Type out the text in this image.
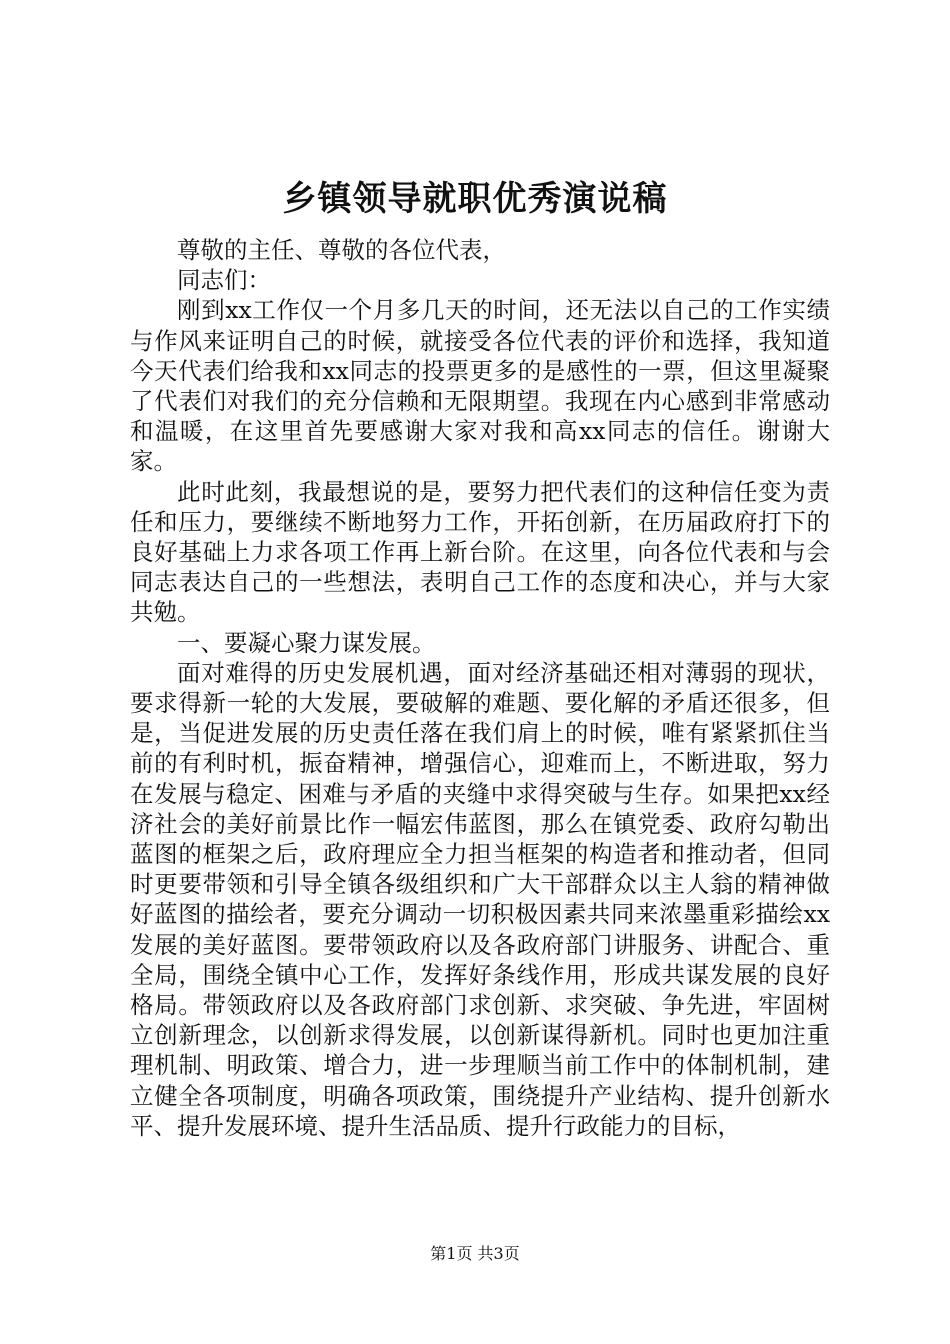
乡镇领导就职优秀演说稿

尊敬的主任、尊敬的各位代表，

同志们：

刚到xx工作仅一个月多几天的时间，还无法以自己的工作实绩与作风来证明自己的时候，就接受各位代表的评价和选择，我知道今天代表们给我和xx同志的投票更多的是感性的一票，但这里凝聚了代表们对我们的充分信赖和无限期望。我现在内心感到非常感动和温暖，在这里首先要感谢大家对我和高xx同志的信任。谢谢大家。

此时此刻，我最想说的是，要努力把代表们的这种信任变为责任和压力，要继续不断地努力工作，开拓创新，在历届政府打下的良好基础上力求各项工作再上新台阶。在这里，向各位代表和与会同志表达自己的一些想法，表明自己工作的态度和决心，并与大家共勉。

一、要凝心聚力谋发展。

面对难得的历史发展机遇，面对经济基础还相对薄弱的现状，要求得新一轮的大发展，要破解的难题、要化解的矛盾还很多，但是，当促进发展的历史责任落在我们肩上的时候，唯有紧紧抓住当前的有利时机，振奋精神，增强信心，迎难而上，不断进取，努力在发展与稳定、困难与矛盾的夹缝中求得突破与生存。如果把xx经济社会的美好前景比作一幅宏伟蓝图，那么在镇党委、政府勾勒出蓝图的框架之后，政府理应全力担当框架的构造者和推动者，但同时更要带领和引导全镇各级组织和广大干部群众以主人翁的精神做好蓝图的描绘者，要充分调动一切积极因素共同来浓墨重彩描绘xx发展的美好蓝图。要带领政府以及各政府部门讲服务、讲配合、重全局，围绕全镇中心工作，发挥好条线作用，形成共谋发展的良好格局。带领政府以及各政府部门求创新、求突破、争先进，牢固树立创新理念，以创新求得发展，以创新谋得新机。同时也更加注重理机制、明政策、增合力，进一步理顺当前工作中的体制机制，建立健全各项制度，明确各项政策，围绕提升产业结构、提升创新水平、提升发展环境、提升生活品质、提升行政能力的目标，

第1页 共3页
